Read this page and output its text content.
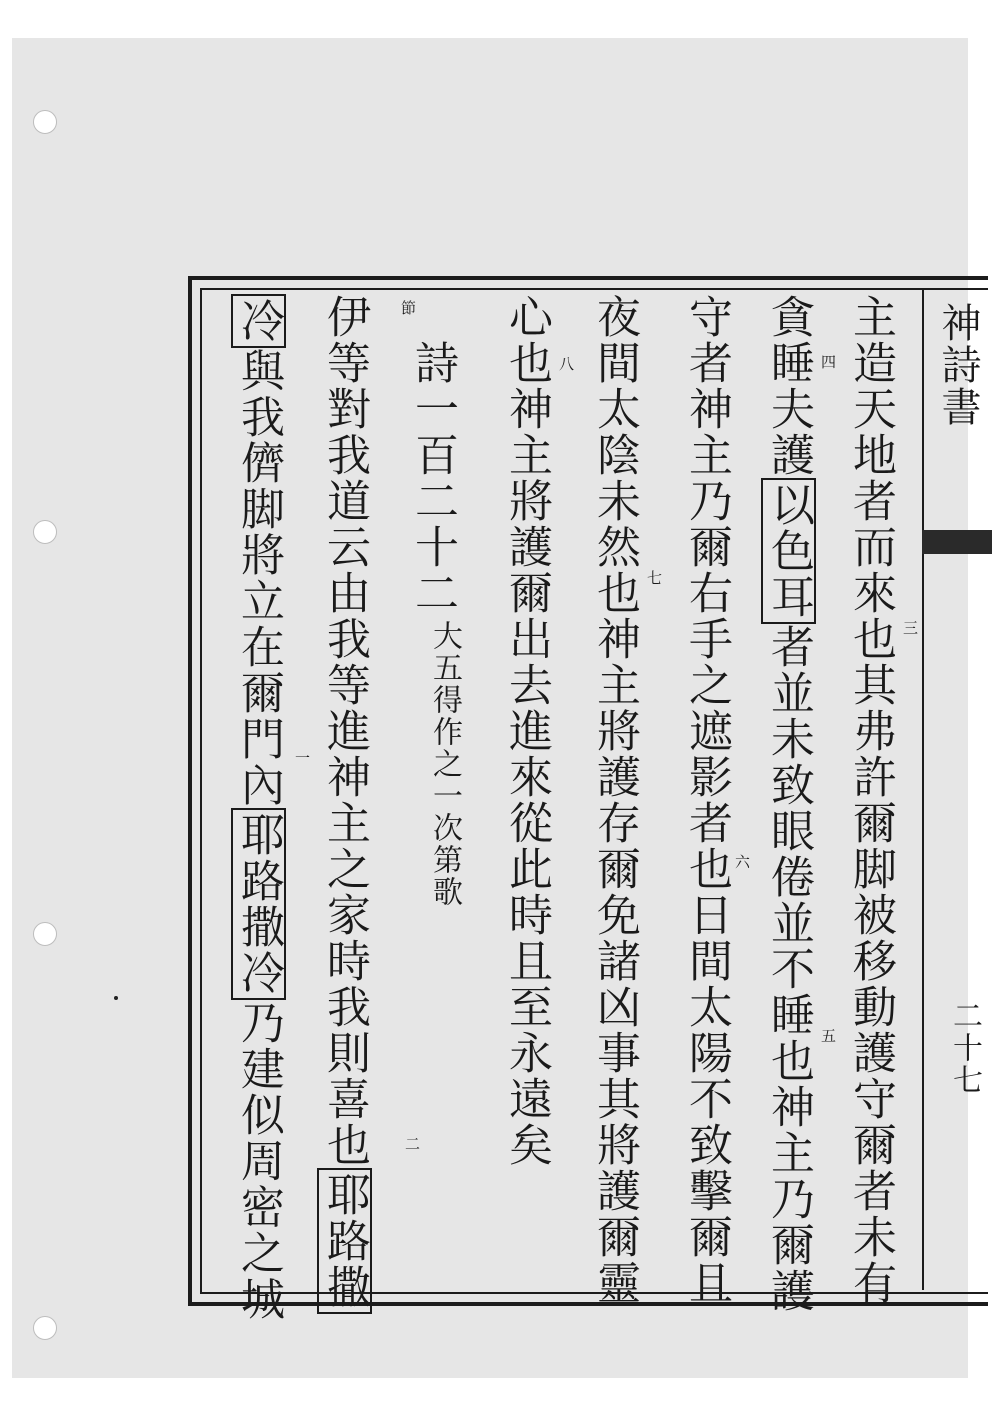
神詩書
二十七
主造天地者而來也其弗許爾脚被移動護守爾者未有
貪睡夫護以色耳者並未致眼倦並不睡也神主乃爾護
守者神主乃爾右手之遮影者也日間太陽不致擊爾且
夜間太陰未然也神主將護存爾免諸凶事其將護爾靈
心也神主將護爾出去進來從此時且至永遠矣
詩一百二十二
大五得作之一次第歌
伊等對我道云由我等進神主之家時我則喜也耶路撒
冷與我儕脚將立在爾門內耶路撒冷乃建似周密之城
三
四
五
六
七
八
節
二
一
